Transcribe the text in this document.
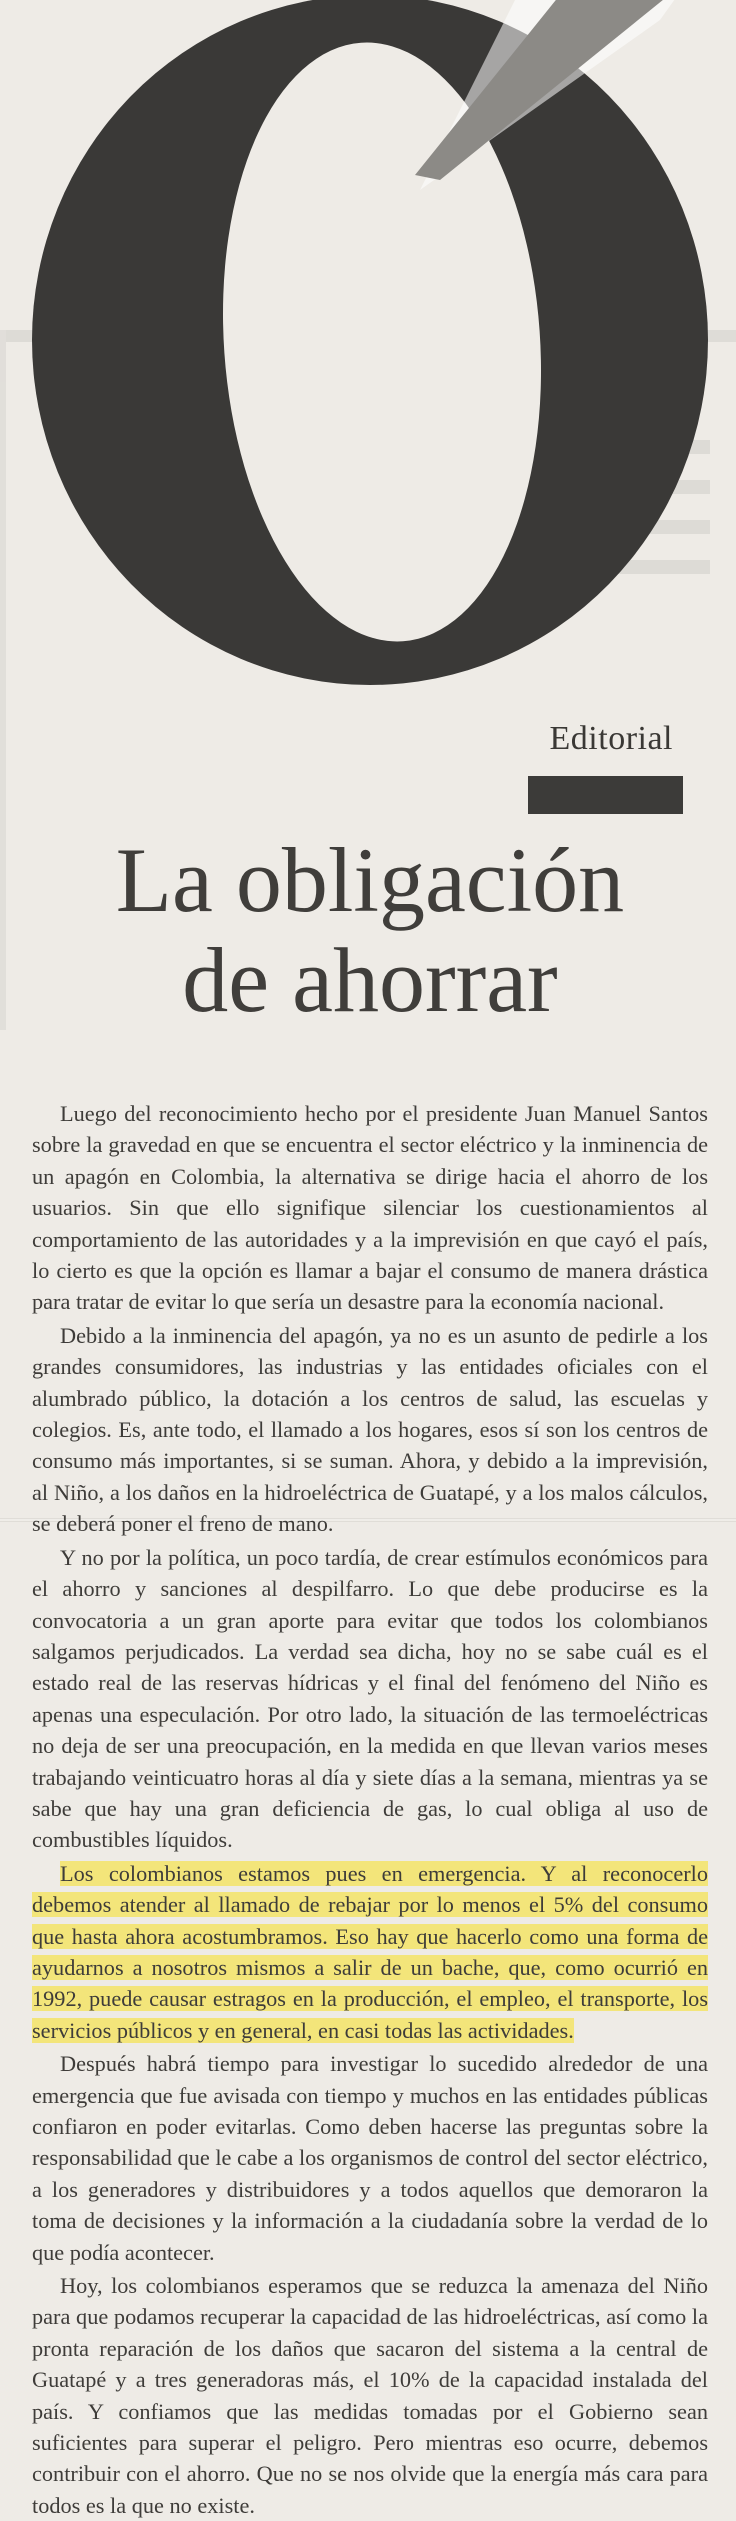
Editorial
La obligación
de ahorrar

Luego del reconocimiento hecho por el presidente Juan Manuel Santos sobre la gravedad en que se encuentra el sector eléctrico y la inminencia de un apagón en Colombia, la alternativa se dirige hacia el ahorro de los usuarios. Sin que ello signifique silenciar los cuestionamientos al comportamiento de las autoridades y a la imprevisión en que cayó el país, lo cierto es que la opción es llamar a bajar el consumo de manera drástica para tratar de evitar lo que sería un desastre para la economía nacional.

Debido a la inminencia del apagón, ya no es un asunto de pedirle a los grandes consumidores, las industrias y las entidades oficiales con el alumbrado público, la dotación a los centros de salud, las escuelas y colegios. Es, ante todo, el llamado a los hogares, esos sí son los centros de consumo más importantes, si se suman. Ahora, y debido a la imprevisión, al Niño, a los daños en la hidroeléctrica de Guatapé, y a los malos cálculos, se deberá poner el freno de mano.

Y no por la política, un poco tardía, de crear estímulos económicos para el ahorro y sanciones al despilfarro. Lo que debe producirse es la convocatoria a un gran aporte para evitar que todos los colombianos salgamos perjudicados. La verdad sea dicha, hoy no se sabe cuál es el estado real de las reservas hídricas y el final del fenómeno del Niño es apenas una especulación. Por otro lado, la situación de las termoeléctricas no deja de ser una preocupación, en la medida en que llevan varios meses trabajando veinticuatro horas al día y siete días a la semana, mientras ya se sabe que hay una gran deficiencia de gas, lo cual obliga al uso de combustibles líquidos.

Los colombianos estamos pues en emergencia. Y al reconocerlo debemos atender al llamado de rebajar por lo menos el 5% del consumo que hasta ahora acostumbramos. Eso hay que hacerlo como una forma de ayudarnos a nosotros mismos a salir de un bache, que, como ocurrió en 1992, puede causar estragos en la producción, el empleo, el transporte, los servicios públicos y en general, en casi todas las actividades.

Después habrá tiempo para investigar lo sucedido alrededor de una emergencia que fue avisada con tiempo y muchos en las entidades públicas confiaron en poder evitarlas. Como deben hacerse las preguntas sobre la responsabilidad que le cabe a los organismos de control del sector eléctrico, a los generadores y distribuidores y a todos aquellos que demoraron la toma de decisiones y la información a la ciudadanía sobre la verdad de lo que podía acontecer.

Hoy, los colombianos esperamos que se reduzca la amenaza del Niño para que podamos recuperar la capacidad de las hidroeléctricas, así como la pronta reparación de los daños que sacaron del sistema a la central de Guatapé y a tres generadoras más, el 10% de la capacidad instalada del país. Y confiamos que las medidas tomadas por el Gobierno sean suficientes para superar el peligro. Pero mientras eso ocurre, debemos contribuir con el ahorro. Que no se nos olvide que la energía más cara para todos es la que no existe.
